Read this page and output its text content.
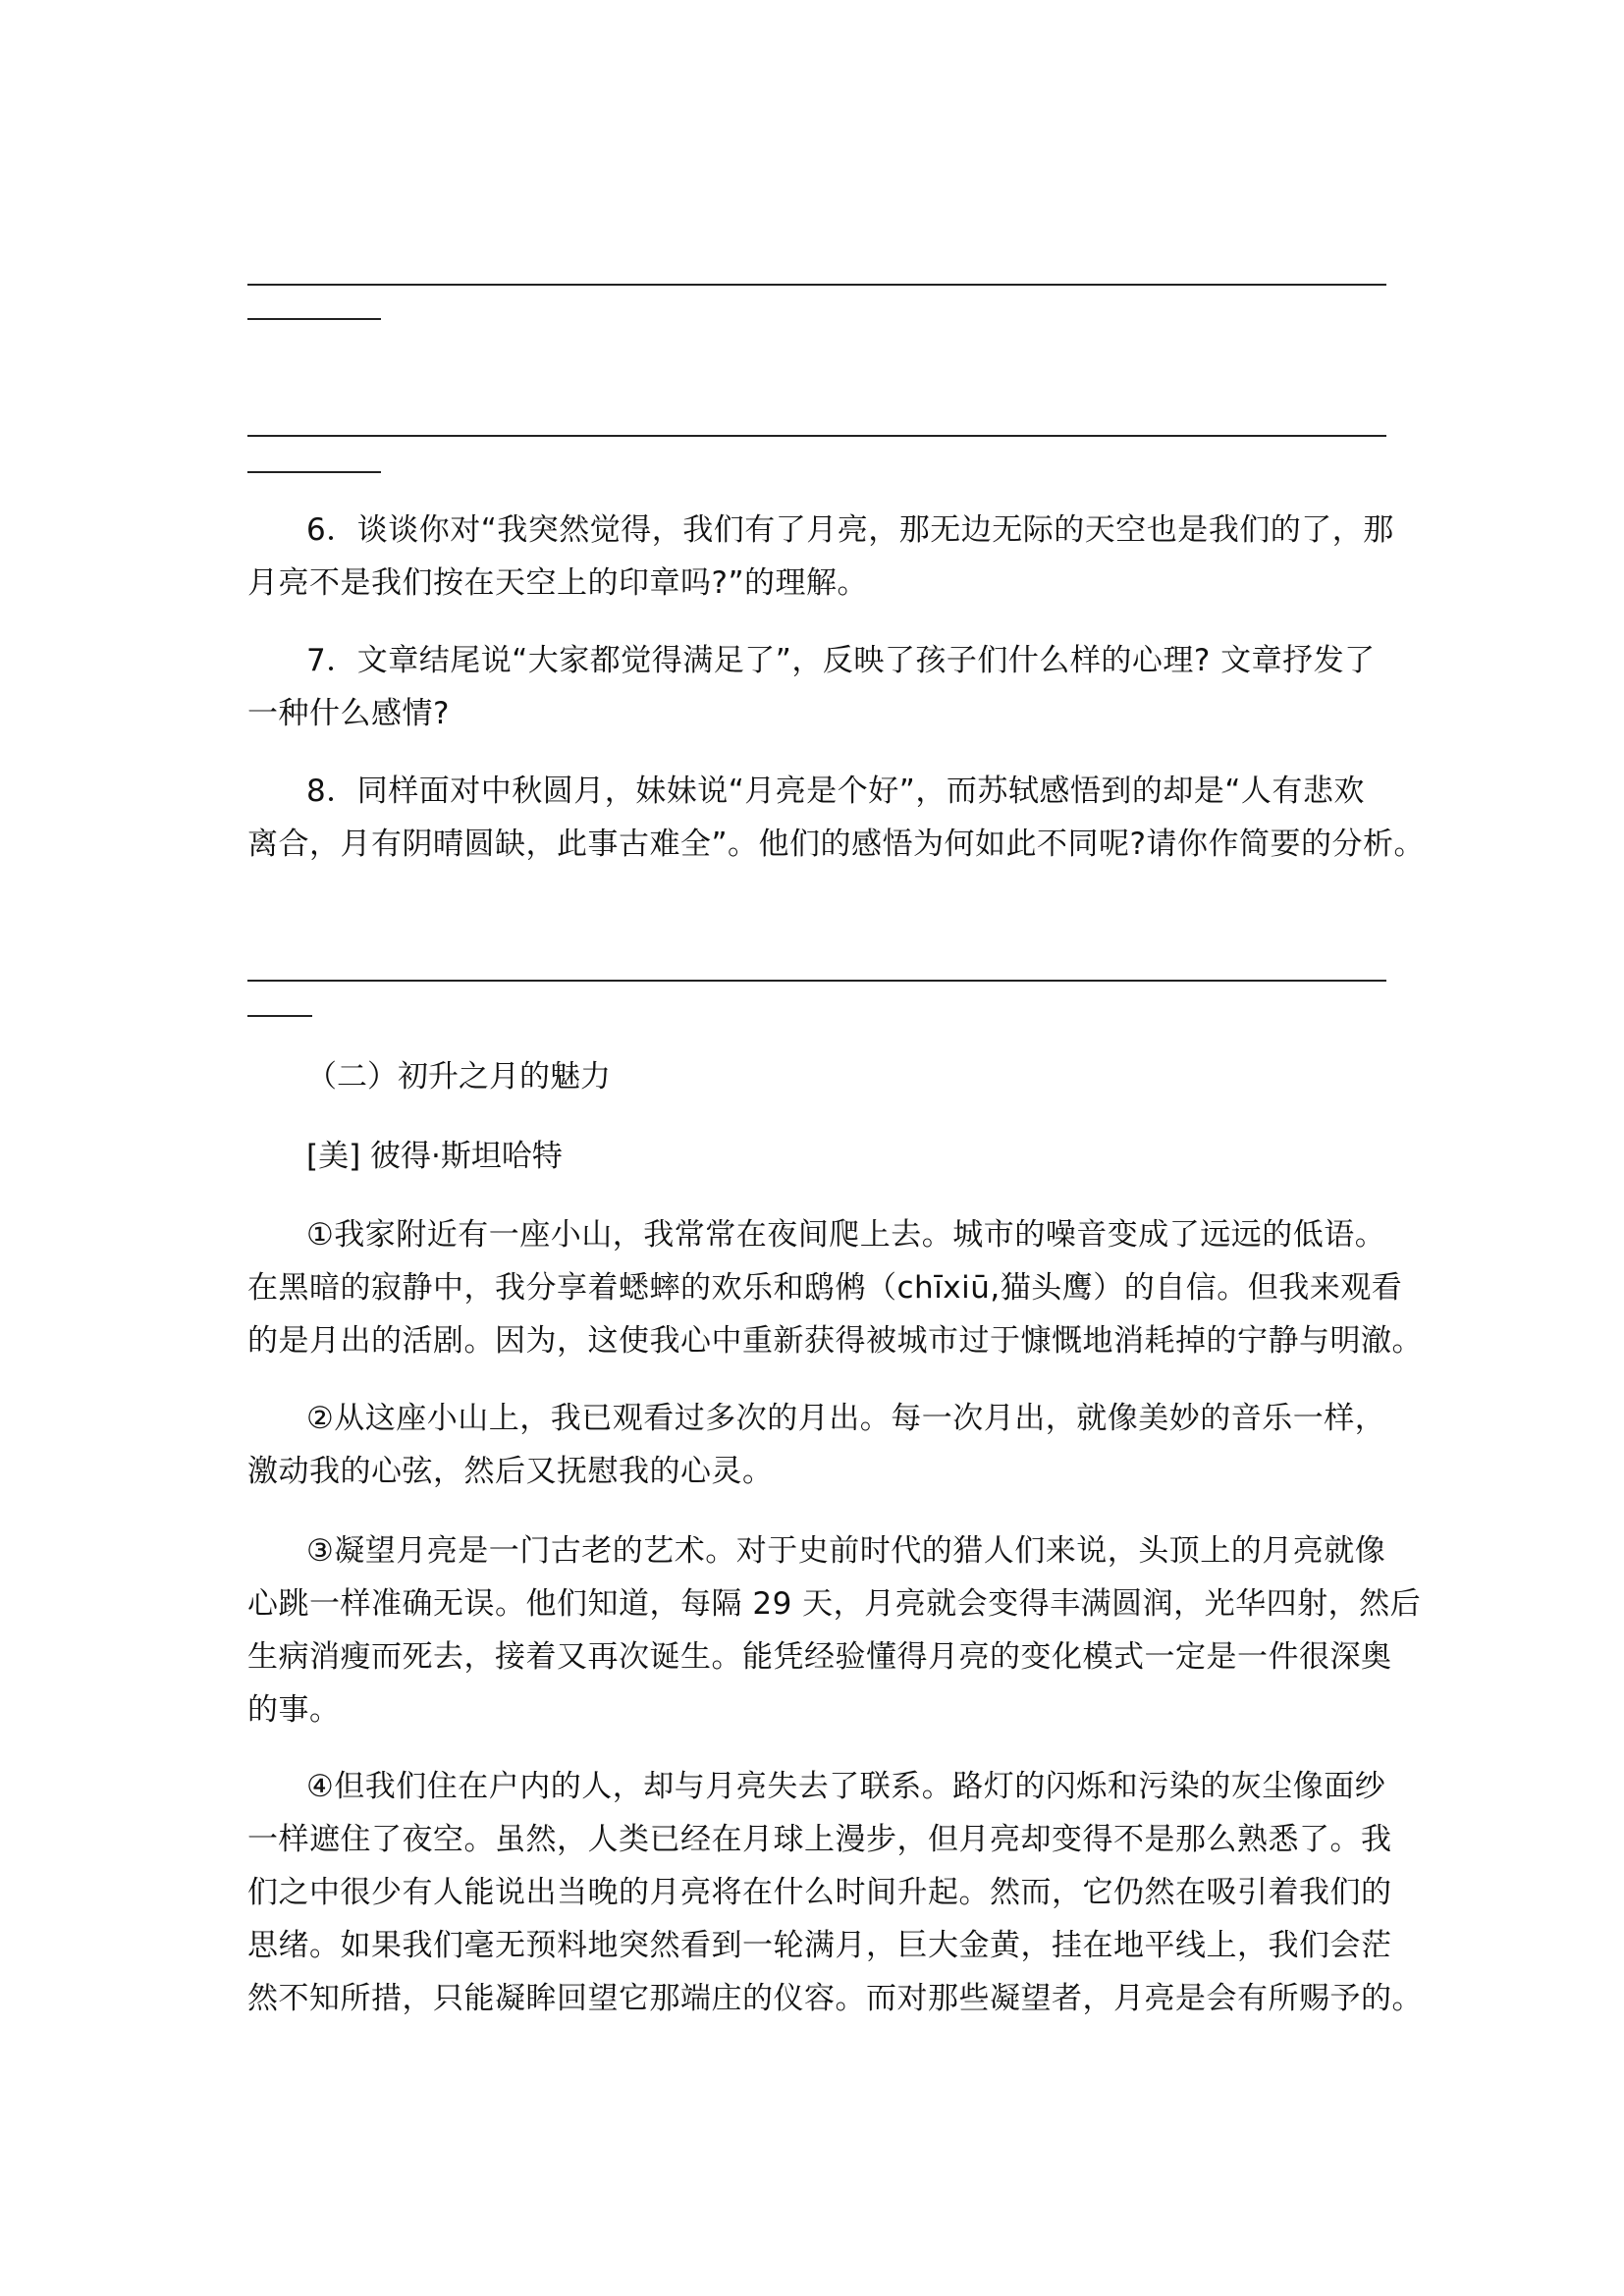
6．谈谈你对“我突然觉得，我们有了月亮，那无边无际的天空也是我们的了，那
月亮不是我们按在天空上的印章吗?”的理解。
7．文章结尾说“大家都觉得满足了”，反映了孩子们什么样的心理? 文章抒发了
一种什么感情?
8．同样面对中秋圆月，妹妹说“月亮是个好”，而苏轼感悟到的却是“人有悲欢
离合，月有阴晴圆缺，此事古难全”。他们的感悟为何如此不同呢?请你作简要的分析。
（二）初升之月的魅力
[美] 彼得·斯坦哈特
①我家附近有一座小山，我常常在夜间爬上去。城市的噪音变成了远远的低语。
在黑暗的寂静中，我分享着蟋蟀的欢乐和鸱鸺（chīxiū,猫头鹰）的自信。但我来观看
的是月出的活剧。因为，这使我心中重新获得被城市过于慷慨地消耗掉的宁静与明澈。
②从这座小山上，我已观看过多次的月出。每一次月出，就像美妙的音乐一样，
激动我的心弦，然后又抚慰我的心灵。
③凝望月亮是一门古老的艺术。对于史前时代的猎人们来说，头顶上的月亮就像
心跳一样准确无误。他们知道，每隔 29 天，月亮就会变得丰满圆润，光华四射，然后
生病消瘦而死去，接着又再次诞生。能凭经验懂得月亮的变化模式一定是一件很深奥
的事。
④但我们住在户内的人，却与月亮失去了联系。路灯的闪烁和污染的灰尘像面纱
一样遮住了夜空。虽然，人类已经在月球上漫步，但月亮却变得不是那么熟悉了。我
们之中很少有人能说出当晚的月亮将在什么时间升起。然而，它仍然在吸引着我们的
思绪。如果我们毫无预料地突然看到一轮满月，巨大金黄，挂在地平线上，我们会茫
然不知所措，只能凝眸回望它那端庄的仪容。而对那些凝望者，月亮是会有所赐予的。
